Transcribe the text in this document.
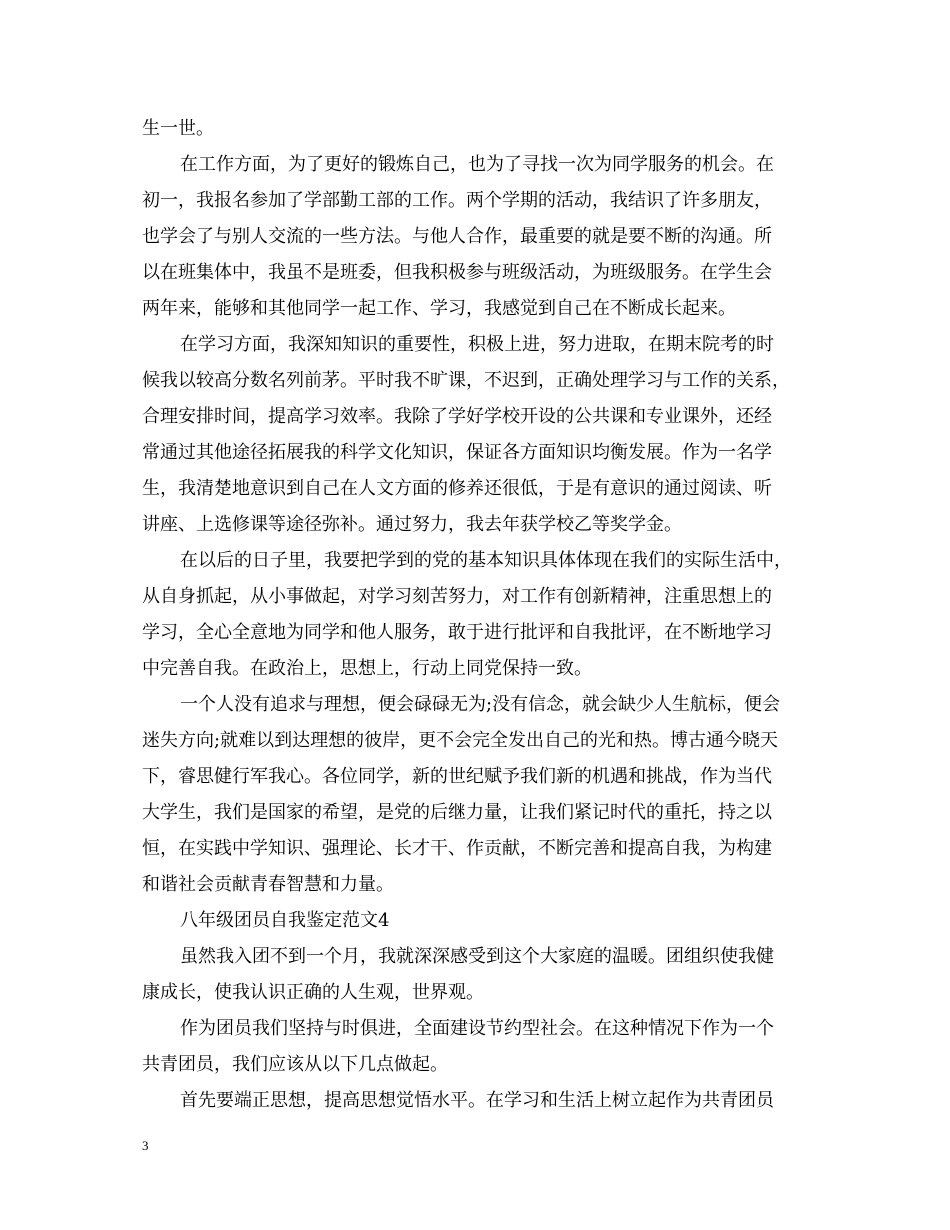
生一世。
在工作方面，为了更好的锻炼自己，也为了寻找一次为同学服务的机会。在
初一，我报名参加了学部勤工部的工作。两个学期的活动，我结识了许多朋友，
也学会了与别人交流的一些方法。与他人合作，最重要的就是要不断的沟通。所
以在班集体中，我虽不是班委，但我积极参与班级活动，为班级服务。在学生会
两年来，能够和其他同学一起工作、学习，我感觉到自己在不断成长起来。
在学习方面，我深知知识的重要性，积极上进，努力进取，在期末院考的时
候我以较高分数名列前茅。平时我不旷课，不迟到，正确处理学习与工作的关系，
合理安排时间，提高学习效率。我除了学好学校开设的公共课和专业课外，还经
常通过其他途径拓展我的科学文化知识，保证各方面知识均衡发展。作为一名学
生，我清楚地意识到自己在人文方面的修养还很低，于是有意识的通过阅读、听
讲座、上选修课等途径弥补。通过努力，我去年获学校乙等奖学金。
在以后的日子里，我要把学到的党的基本知识具体体现在我们的实际生活中，
从自身抓起，从小事做起，对学习刻苦努力，对工作有创新精神，注重思想上的
学习，全心全意地为同学和他人服务，敢于进行批评和自我批评，在不断地学习
中完善自我。在政治上，思想上，行动上同党保持一致。
一个人没有追求与理想，便会碌碌无为;没有信念，就会缺少人生航标，便会
迷失方向;就难以到达理想的彼岸，更不会完全发出自己的光和热。博古通今晓天
下，睿思健行军我心。各位同学，新的世纪赋予我们新的机遇和挑战，作为当代
大学生，我们是国家的希望，是党的后继力量，让我们紧记时代的重托，持之以
恒，在实践中学知识、强理论、长才干、作贡献，不断完善和提高自我，为构建
和谐社会贡献青春智慧和力量。
八年级团员自我鉴定范文4
虽然我入团不到一个月，我就深深感受到这个大家庭的温暖。团组织使我健
康成长，使我认识正确的人生观，世界观。
作为团员我们坚持与时俱进，全面建设节约型社会。在这种情况下作为一个
共青团员，我们应该从以下几点做起。
首先要端正思想，提高思想觉悟水平。在学习和生活上树立起作为共青团员
3
